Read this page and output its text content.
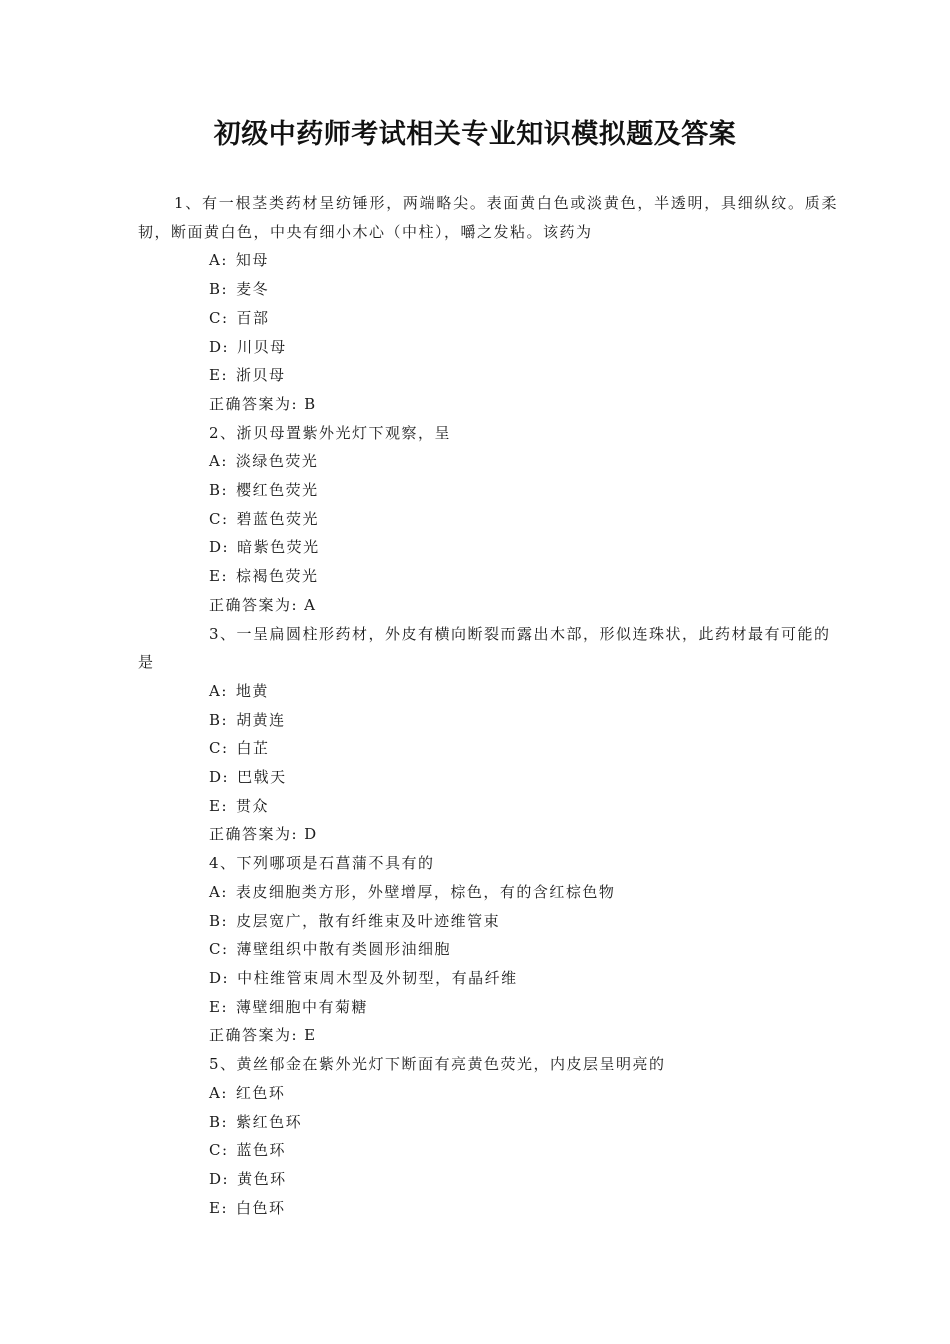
初级中药师考试相关专业知识模拟题及答案
1、有一根茎类药材呈纺锤形，两端略尖。表面黄白色或淡黄色，半透明，具细纵纹。质柔韧，断面黄白色，中央有细小木心（中柱），嚼之发粘。该药为
A: 知母
B: 麦冬
C: 百部
D: 川贝母
E: 浙贝母
正确答案为: B
2、浙贝母置紫外光灯下观察，呈
A: 淡绿色荧光
B: 樱红色荧光
C: 碧蓝色荧光
D: 暗紫色荧光
E: 棕褐色荧光
正确答案为: A
3、一呈扁圆柱形药材，外皮有横向断裂而露出木部，形似连珠状，此药材最有可能的是
A: 地黄
B: 胡黄连
C: 白芷
D: 巴戟天
E: 贯众
正确答案为: D
4、下列哪项是石菖蒲不具有的
A: 表皮细胞类方形，外壁增厚，棕色，有的含红棕色物
B: 皮层宽广，散有纤维束及叶迹维管束
C: 薄壁组织中散有类圆形油细胞
D: 中柱维管束周木型及外韧型，有晶纤维
E: 薄壁细胞中有菊糖
正确答案为: E
5、黄丝郁金在紫外光灯下断面有亮黄色荧光，内皮层呈明亮的
A: 红色环
B: 紫红色环
C: 蓝色环
D: 黄色环
E: 白色环
